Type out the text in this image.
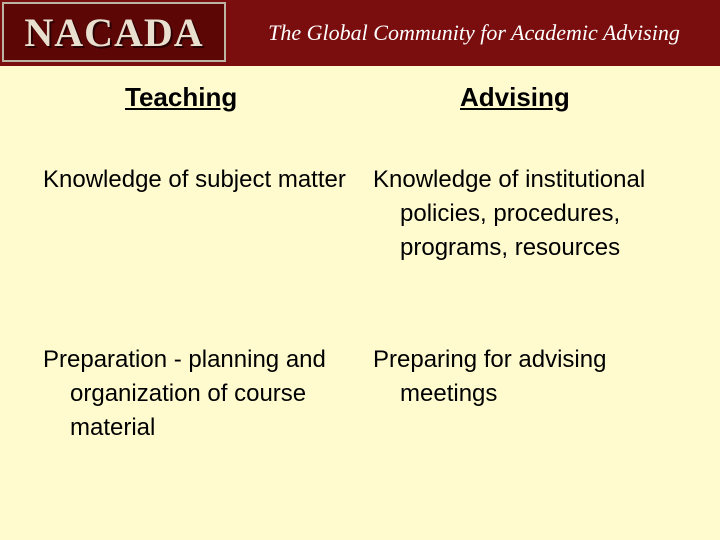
NACADA	The Global Community for Academic Advising
Teaching	Advising
Knowledge of subject matter
Preparation - planning and organization of course material
Knowledge of institutional policies, procedures, programs, resources
Preparing for advising meetings
